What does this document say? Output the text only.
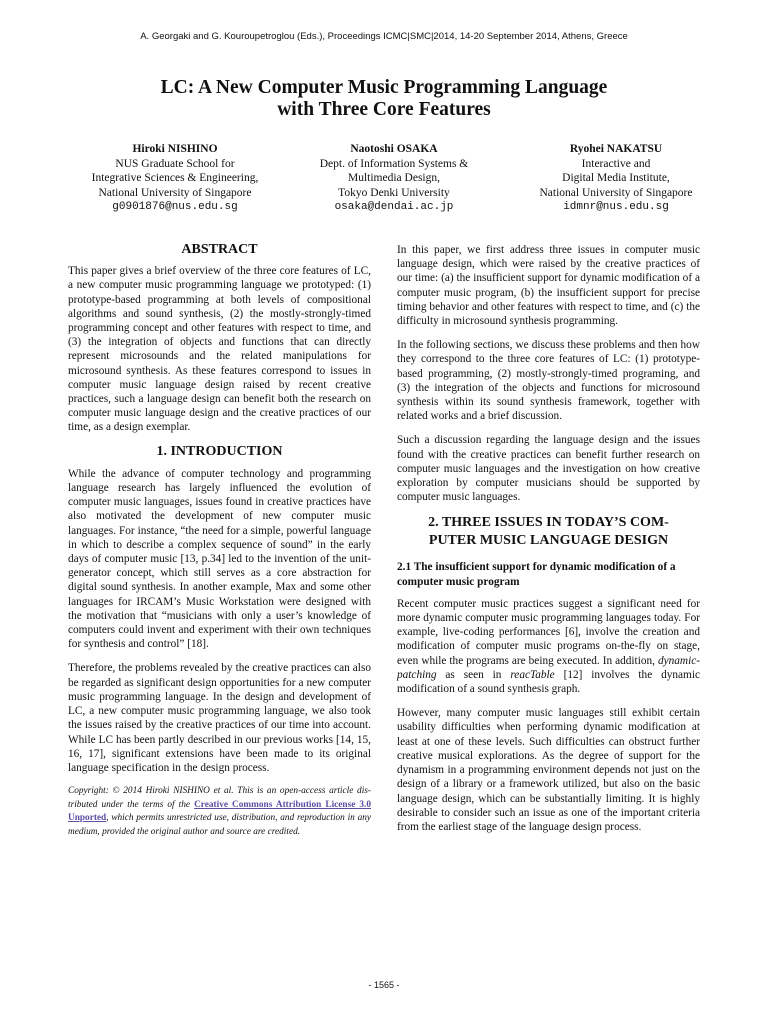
A. Georgaki and G. Kouroupetroglou (Eds.), Proceedings ICMC|SMC|2014, 14-20 September 2014, Athens, Greece
LC: A New Computer Music Programming Language
with Three Core Features
Hiroki NISHINO
NUS Graduate School for
Integrative Sciences & Engineering,
National University of Singapore
g0901876@nus.edu.sg
Naotoshi OSAKA
Dept. of Information Systems &
Multimedia Design,
Tokyo Denki University
osaka@dendai.ac.jp
Ryohei NAKATSU
Interactive and
Digital Media Institute,
National University of Singapore
idmnr@nus.edu.sg

ABSTRACT

This paper gives a brief overview of the three core features of LC, a new computer music programming language we prototyped: (1) prototype-based programming at both levels of compositional algorithms and sound synthesis, (2) the mostly-strongly-timed programming concept and other features with respect to time, and (3) the integration of objects and functions that can directly represent microsounds and the related manipulations for microsound synthesis. As these features correspond to issues in computer music language design raised by recent creative practices, such a language design can benefit both the research on computer music language design and the creative practices of our time, as a design exemplar.

1. INTRODUCTION

While the advance of computer technology and programming language research has largely influenced the evolution of computer music languages, issues found in creative practices have also motivated the development of new computer music languages. For instance, “the need for a simple, powerful language in which to describe a complex sequence of sound” in the early days of computer music [13, p.34] led to the invention of the unit-generator concept, which still serves as a core abstraction for digital sound synthesis. In another example, Max and some other languages for IRCAM’s Music Workstation were designed with the motivation that “musicians with only a user’s knowledge of computers could invent and experiment with their own techniques for synthesis and control” [18].

Therefore, the problems revealed by the creative practices can also be regarded as significant design opportunities for a new computer music programming language. In the design and development of LC, a new computer music programming language, we also took the issues raised by the creative practices of our time into account. While LC has been partly described in our previous works [14, 15, 16, 17], significant extensions have been made to its original language specification in the design process.

Copyright: © 2014 Hiroki NISHINO et al. This is an open-access article dis- tributed under the terms of the Creative Commons Attribution License 3.0 Unported, which permits unrestricted use, distribution, and reproduction in any medium, provided the original author and source are credited.

In this paper, we first address three issues in computer music language design, which were raised by the creative practices of our time: (a) the insufficient support for dynamic modification of a computer music program, (b) the insufficient support for precise timing behavior and other features with respect to time, and (c) the difficulty in microsound synthesis programming.

In the following sections, we discuss these problems and then how they correspond to the three core features of LC: (1) prototype-based programming, (2) mostly-strongly-timed programing, and (3) the integration of the objects and functions for microsound synthesis within its sound synthesis framework, together with related works and a brief discussion.

Such a discussion regarding the language design and the issues found with the creative practices can benefit further research on computer music languages and the investigation on how creative exploration by computer musicians should be supported by computer music languages.

2. THREE ISSUES IN TODAY’S COM-
PUTER MUSIC LANGUAGE DESIGN

2.1 The insufficient support for dynamic modification of a computer music program

Recent computer music practices suggest a significant need for more dynamic computer music programming languages today. For example, live-coding performances [6], involve the creation and modification of computer music programs on-the-fly on stage, even while the programs are being executed. In addition, dynamic-patching as seen in reacTable [12] involves the dynamic modification of a sound synthesis graph.

However, many computer music languages still exhibit certain usability difficulties when performing dynamic modification at least at one of these levels. Such difficulties can obstruct further creative musical explorations. As the degree of support for the dynamism in a programming environment depends not just on the design of a library or a framework utilized, but also on the basic language design, which can be substantially limiting. It is highly desirable to consider such an issue as one of the important criteria from the earliest stage of the language design process.

- 1565 -
